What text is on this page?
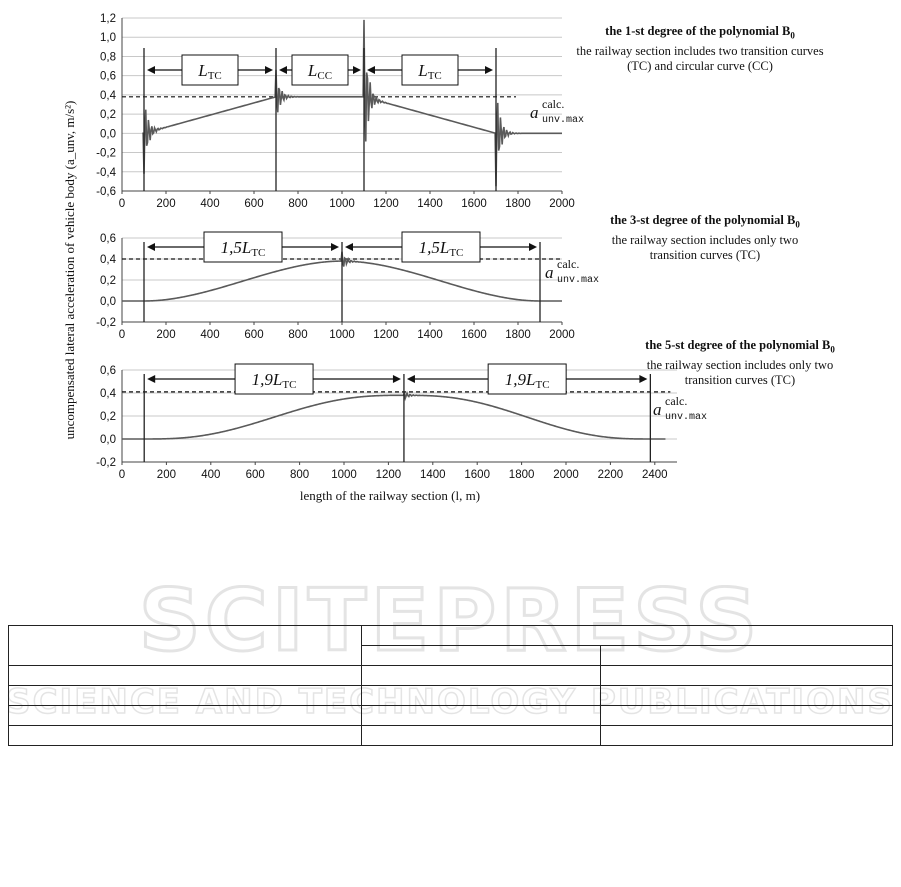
1,2
1,0
0,8
0,6
0,4
0,2
0,0
-0,2
-0,4
-0,6
0	200 400 600 800 1000 1200 1400 1600 1800 2000
LTC	LCC	LTC
a calc.
unv.max
0,6
0,4
0,2
0,0
-0,2
0	200 400 600 800 1000 1200 1400 1600 1800 2000
1,5LTC	1,5LTC
a calc.
unv.max
0,6
0,4
0,2
0,0
-0,2
0	200 400 600 800 1000 1200 1400 1600 1800 2000 2200 2400
1,9LTC	1,9LTC
a calc.
unv.max
uncompensated lateral acceleration of vehicle body (a_unv, m/s²)
length of the railway section (l, m)
the 1-st degree of the polynomial $B_0$
the railway section includes two transition curves
(TC) and circular curve (CC)
the 3-st degree of the polynomial $B_0$
the railway section includes only two
transition curves (TC)
the 5-st degree of the polynomial $B_0$
the railway section includes only two
transition curves (TC)
SCITEPRESS
SCIENCE AND TECHNOLOGY PUBLICATIONS
